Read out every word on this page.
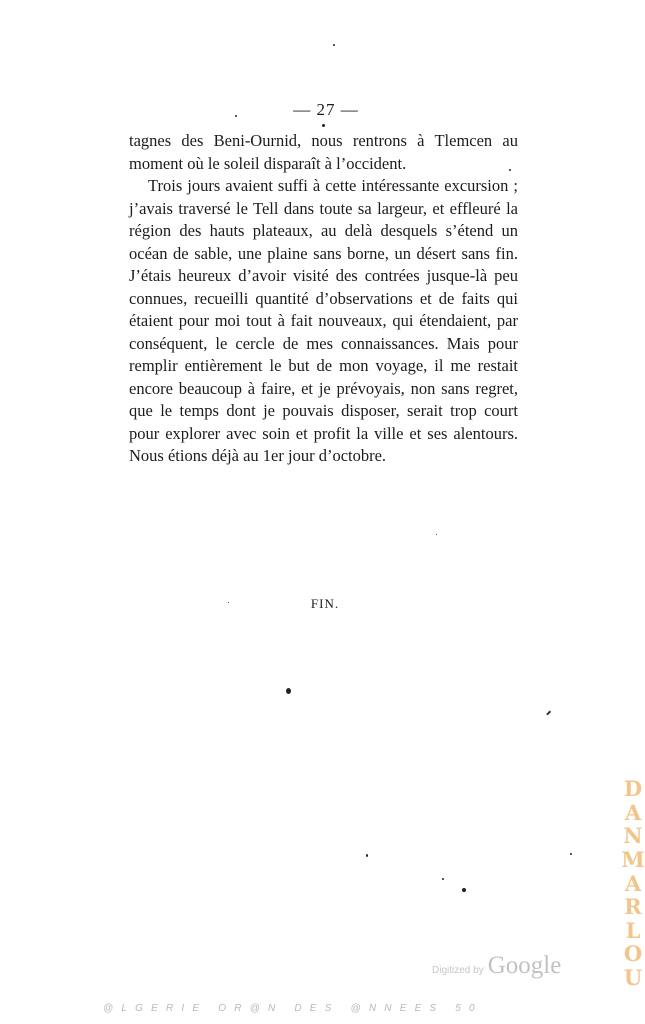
— 27 —

tagnes des Beni-Ournid, nous rentrons à Tlemcen au moment où le soleil disparaît à l’occident.

Trois jours avaient suffi à cette intéressante excursion ; j’avais traversé le Tell dans toute sa largeur, et effleuré la région des hauts plateaux, au delà desquels s’étend un océan de sable, une plaine sans borne, un désert sans fin. J’étais heureux d’avoir visité des contrées jusque-là peu connues, recueilli quantité d’observations et de faits qui étaient pour moi tout à fait nouveaux, qui étendaient, par conséquent, le cercle de mes connaissances. Mais pour remplir entièrement le but de mon voyage, il me restait encore beaucoup à faire, et je prévoyais, non sans regret, que le temps dont je pouvais disposer, serait trop court pour explorer avec soin et profit la ville et ses alentours. Nous étions déjà au 1er jour d’octobre.

FIN.
D
A
N
M
A
R
L
O
U
Digitized by Google
@LGERIE OR@N DES @NNEES 50
